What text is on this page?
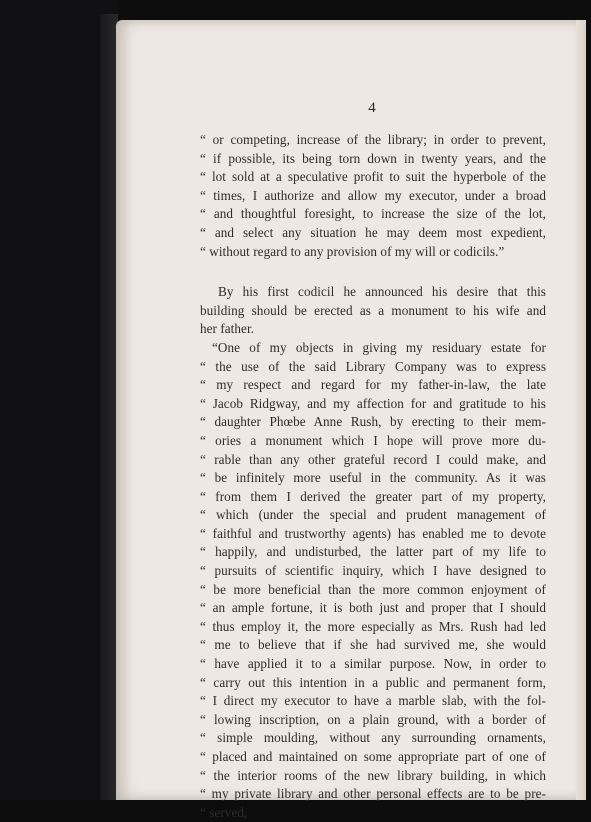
4
“ or competing, increase of the library; in order to prevent,
“ if possible, its being torn down in twenty years, and the
“ lot sold at a speculative profit to suit the hyperbole of the
“ times, I authorize and allow my executor, under a broad
“ and thoughtful foresight, to increase the size of the lot,
“ and select any situation he may deem most expedient,
“ without regard to any provision of my will or codicils.”
By his first codicil he announced his desire that this
building should be erected as a monument to his wife and
her father.
“One of my objects in giving my residuary estate for
“ the use of the said Library Company was to express
“ my respect and regard for my father-in-law, the late
“ Jacob Ridgway, and my affection for and gratitude to his
“ daughter Phœbe Anne Rush, by erecting to their mem-
“ ories a monument which I hope will prove more du-
“ rable than any other grateful record I could make, and
“ be infinitely more useful in the community. As it was
“ from them I derived the greater part of my property,
“ which (under the special and prudent management of
“ faithful and trustworthy agents) has enabled me to devote
“ happily, and undisturbed, the latter part of my life to
“ pursuits of scientific inquiry, which I have designed to
“ be more beneficial than the more common enjoyment of
“ an ample fortune, it is both just and proper that I should
“ thus employ it, the more especially as Mrs. Rush had led
“ me to believe that if she had survived me, she would
“ have applied it to a similar purpose. Now, in order to
“ carry out this intention in a public and permanent form,
“ I direct my executor to have a marble slab, with the fol-
“ lowing inscription, on a plain ground, with a border of
“ simple moulding, without any surrounding ornaments,
“ placed and maintained on some appropriate part of one of
“ the interior rooms of the new library building, in which
“ my private library and other personal effects are to be pre-
“ served,
